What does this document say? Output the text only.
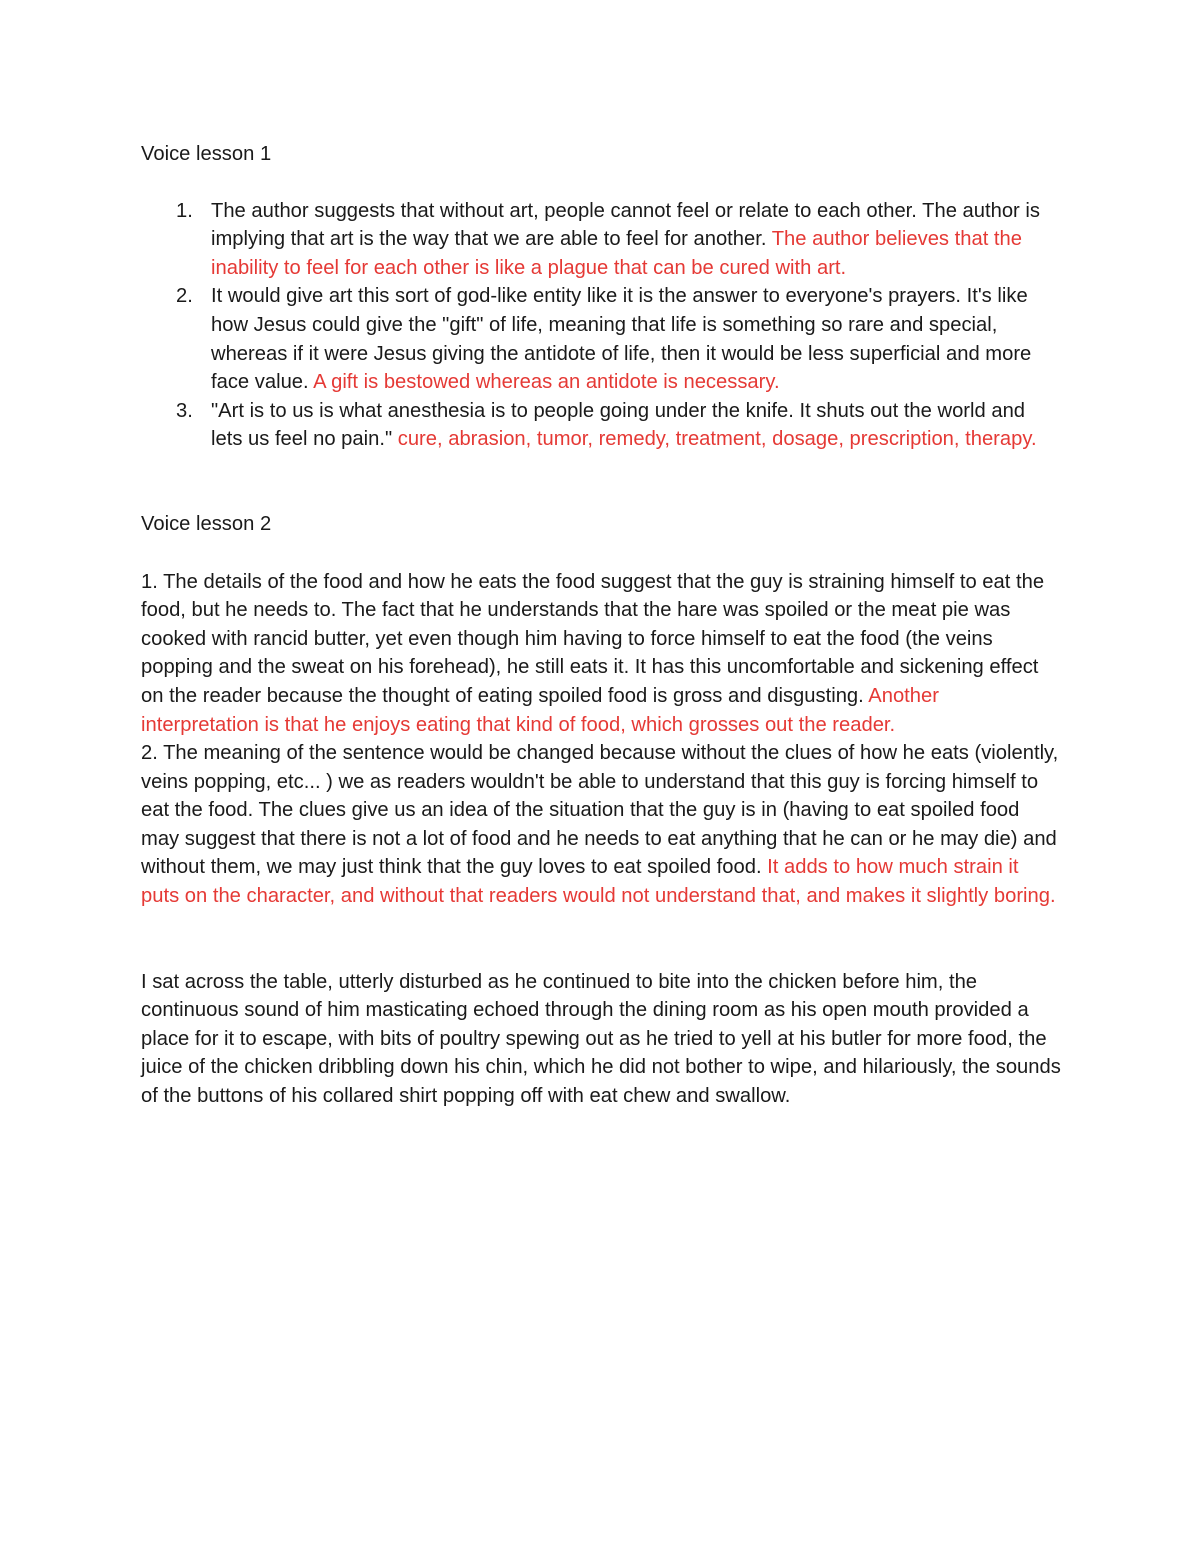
Voice lesson 1

1. The author suggests that without art, people cannot feel or relate to each other. The author is implying that art is the way that we are able to feel for another. The author believes that the inability to feel for each other is like a plague that can be cured with art.
2. It would give art this sort of god-like entity like it is the answer to everyone's prayers. It's like how Jesus could give the "gift" of life, meaning that life is something so rare and special, whereas if it were Jesus giving the antidote of life, then it would be less superficial and more face value. A gift is bestowed whereas an antidote is necessary.
3. "Art is to us is what anesthesia is to people going under the knife. It shuts out the world and lets us feel no pain." cure, abrasion, tumor, remedy, treatment, dosage, prescription, therapy.

Voice lesson 2

1. The details of the food and how he eats the food suggest that the guy is straining himself to eat the food, but he needs to. The fact that he understands that the hare was spoiled or the meat pie was cooked with rancid butter, yet even though him having to force himself to eat the food (the veins popping and the sweat on his forehead), he still eats it. It has this uncomfortable and sickening effect on the reader because the thought of eating spoiled food is gross and disgusting. Another interpretation is that he enjoys eating that kind of food, which grosses out the reader.

2. The meaning of the sentence would be changed because without the clues of how he eats (violently, veins popping, etc... ) we as readers wouldn't be able to understand that this guy is forcing himself to eat the food. The clues give us an idea of the situation that the guy is in (having to eat spoiled food may suggest that there is not a lot of food and he needs to eat anything that he can or he may die) and without them, we may just think that the guy loves to eat spoiled food. It adds to how much strain it puts on the character, and without that readers would not understand that, and makes it slightly boring.

I sat across the table, utterly disturbed as he continued to bite into the chicken before him, the continuous sound of him masticating echoed through the dining room as his open mouth provided a place for it to escape, with bits of poultry spewing out as he tried to yell at his butler for more food, the juice of the chicken dribbling down his chin, which he did not bother to wipe, and hilariously, the sounds of the buttons of his collared shirt popping off with eat chew and swallow.
